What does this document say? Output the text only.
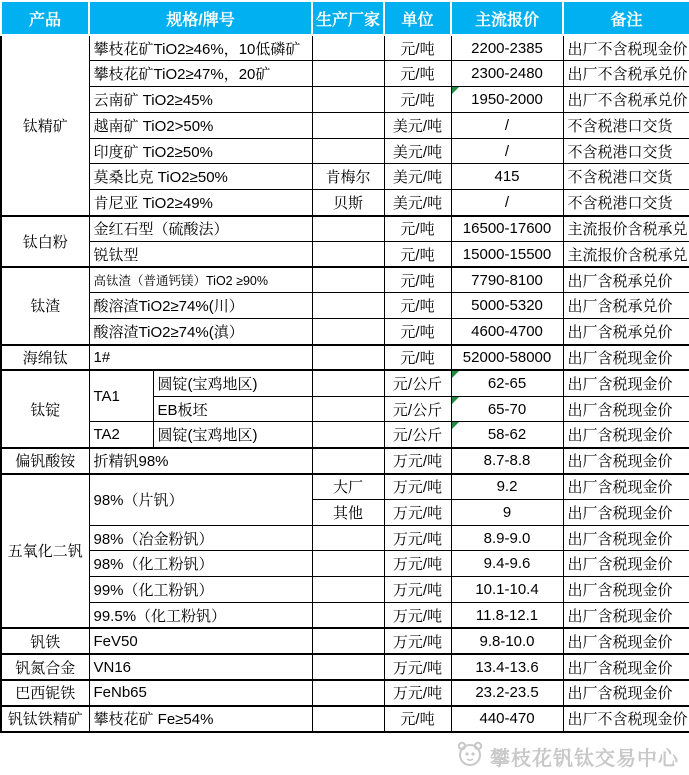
产品	规格/牌号		生产厂家	单位	主流报价	备注
钛精矿	攀枝花矿TiO2≥46%，10低磷矿			元/吨	2200-2385	出厂不含税现金价
	攀枝花矿TiO2≥47%，20矿			元/吨	2300-2480	出厂不含税承兑价
	云南矿 TiO2≥45%			元/吨	1950-2000	出厂不含税承兑价
	越南矿 TiO2>50%			美元/吨	/	不含税港口交货
	印度矿 TiO2≥50%			美元/吨	/	不含税港口交货
	莫桑比克 TiO2≥50%		肯梅尔	美元/吨	415	不含税港口交货
	肯尼亚 TiO2≥49%		贝斯	美元/吨	/	不含税港口交货
钛白粉	金红石型（硫酸法）			元/吨	16500-17600	主流报价含税承兑
	锐钛型			元/吨	15000-15500	主流报价含税承兑
钛渣	高钛渣（普通钙镁）TiO2 ≥90%			元/吨	7790-8100	出厂含税承兑价
	酸溶渣TiO2≥74%(川）			元/吨	5000-5320	出厂含税承兑价
	酸溶渣TiO2≥74%(滇）			元/吨	4600-4700	出厂含税承兑价
海绵钛	1#			元/吨	52000-58000	出厂含税现金价
钛锭	TA1	圆锭(宝鸡地区)		元/公斤	62-65	出厂含税现金价
		EB板坯		元/公斤	65-70	出厂含税现金价
	TA2	圆锭(宝鸡地区)		元/公斤	58-62	出厂含税现金价
偏钒酸铵	折精钒98%			万元/吨	8.7-8.8	出厂含税现金价
五氧化二钒	98%（片钒）		大厂	万元/吨	9.2	出厂含税现金价
			其他	万元/吨	9	出厂含税现金价
	98%（冶金粉钒）			万元/吨	8.9-9.0	出厂含税现金价
	98%（化工粉钒）			万元/吨	9.4-9.6	出厂含税现金价
	99%（化工粉钒）			万元/吨	10.1-10.4	出厂含税现金价
	99.5%（化工粉钒）			万元/吨	11.8-12.1	出厂含税现金价
钒铁	FeV50			万元/吨	9.8-10.0	出厂含税现金价
钒氮合金	VN16			万元/吨	13.4-13.6	出厂含税现金价
巴西铌铁	FeNb65			万元/吨	23.2-23.5	出厂含税现金价
钒钛铁精矿	攀枝花矿 Fe≥54%			元/吨	440-470	出厂不含税现金价
攀枝花钒钛交易中心
